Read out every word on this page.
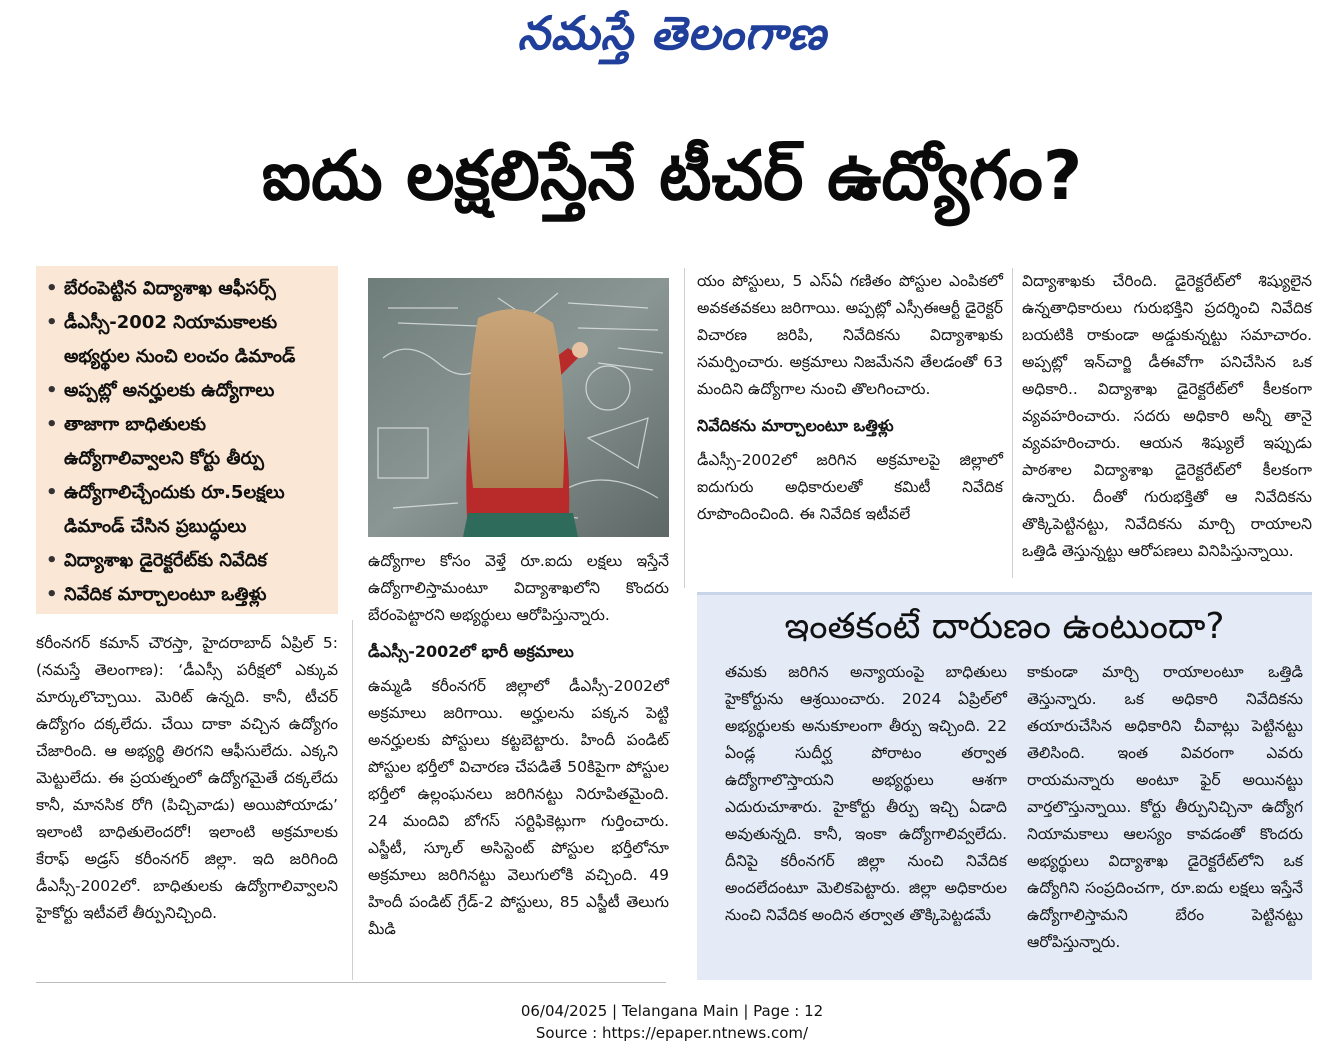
నమస్తే తెలంగాణ
ఐదు లక్షలిస్తేనే టీచర్ ఉద్యోగం?
• బేరంపెట్టిన విద్యాశాఖ ఆఫీసర్స్
• డీఎస్సీ-2002 నియామకాలకు అభ్యర్థుల నుంచి లంచం డిమాండ్
• అప్పట్లో అనర్హులకు ఉద్యోగాలు
• తాజాగా బాధితులకు ఉద్యోగాలివ్వాలని కోర్టు తీర్పు
• ఉద్యోగాలిచ్చేందుకు రూ.5లక్షలు డిమాండ్ చేసిన ప్రబుద్ధులు
• విద్యాశాఖ డైరెక్టరేట్‌కు నివేదిక
• నివేదిక మార్చాలంటూ ఒత్తిళ్లు

కరీంనగర్ కమాన్ చౌరస్తా, హైదరాబాద్ ఏప్రిల్ 5: (నమస్తే తెలంగాణ): ‘డీఎస్సీ పరీక్షలో ఎక్కువ మార్కులొచ్చాయి. మెరిట్ ఉన్నది. కానీ, టీచర్ ఉద్యోగం దక్కలేదు. చేయి దాకా వచ్చిన ఉద్యోగం చేజారింది. ఆ అభ్యర్థి తిరగని ఆఫీసులేదు. ఎక్కని మెట్టులేదు. ఈ ప్రయత్నంలో ఉద్యోగమైతే దక్కలేదు కానీ, మానసిక రోగి (పిచ్చివాడు) అయిపోయాడు’ ఇలాంటి బాధితులెందరో! ఇలాంటి అక్రమాలకు కేరాఫ్ అడ్రస్ కరీంనగర్ జిల్లా. ఇది జరిగింది డీఎస్సీ-2002లో. బాధితులకు ఉద్యోగాలివ్వాలని హైకోర్టు ఇటీవలే తీర్పునిచ్చింది.

ఉద్యోగాల కోసం వెళ్తే రూ.ఐదు లక్షలు ఇస్తేనే ఉద్యోగాలిస్తామంటూ విద్యాశాఖలోని కొందరు బేరంపెట్టారని అభ్యర్థులు ఆరోపిస్తున్నారు.

డీఎస్సీ-2002లో భారీ అక్రమాలు

ఉమ్మడి కరీంనగర్ జిల్లాలో డీఎస్సీ-2002లో అక్రమాలు జరిగాయి. అర్హులను పక్కన పెట్టి అనర్హులకు పోస్టులు కట్టబెట్టారు. హిందీ పండిట్ పోస్టుల భర్తీలో విచారణ చేపడితే 50కిపైగా పోస్టుల భర్తీలో ఉల్లంఘనలు జరిగినట్టు నిరూపితమైంది. 24 మందివి బోగస్ సర్టిఫికెట్లుగా గుర్తించారు. ఎస్జీటీ, స్కూల్ అసిస్టెంట్ పోస్టుల భర్తీలోనూ అక్రమాలు జరిగినట్టు వెలుగులోకి వచ్చింది. 49 హిందీ పండిట్ గ్రేడ్-2 పోస్టులు, 85 ఎస్జీటీ తెలుగు మీడి

యం పోస్టులు, 5 ఎస్ఏ గణితం పోస్టుల ఎంపికలో అవకతవకలు జరిగాయి. అప్పట్లో ఎస్సీఈఆర్టీ డైరెక్టర్ విచారణ జరిపి, నివేదికను విద్యాశాఖకు సమర్పించారు. అక్రమాలు నిజమేనని తేలడంతో 63 మందిని ఉద్యోగాల నుంచి తొలగించారు.

నివేదికను మార్చాలంటూ ఒత్తిళ్లు

డీఎస్సీ-2002లో జరిగిన అక్రమాలపై జిల్లాలో ఐదుగురు అధికారులతో కమిటీ నివేదిక రూపొందించింది. ఈ నివేదిక ఇటీవలే

విద్యాశాఖకు చేరింది. డైరెక్టరేట్‌లో శిష్యులైన ఉన్నతాధికారులు గురుభక్తిని ప్రదర్శించి నివేదిక బయటికి రాకుండా అడ్డుకున్నట్టు సమాచారం. అప్పట్లో ఇన్‌చార్జి డీఈవోగా పనిచేసిన ఒక అధికారి.. విద్యాశాఖ డైరెక్టరేట్‌లో కీలకంగా వ్యవహరించారు. సదరు అధికారి అన్నీ తానై వ్యవహరించారు. ఆయన శిష్యులే ఇప్పుడు పాఠశాల విద్యాశాఖ డైరెక్టరేట్‌లో కీలకంగా ఉన్నారు. దీంతో గురుభక్తితో ఆ నివేదికను తొక్కిపెట్టినట్టు, నివేదికను మార్చి రాయాలని ఒత్తిడి తెస్తున్నట్టు ఆరోపణలు వినిపిస్తున్నాయి.

ఇంతకంటే దారుణం ఉంటుందా?

తమకు జరిగిన అన్యాయంపై బాధితులు హైకోర్టును ఆశ్రయించారు. 2024 ఏప్రిల్‌లో అభ్యర్థులకు అనుకూలంగా తీర్పు ఇచ్చింది. 22 ఏండ్ల సుదీర్ఘ పోరాటం తర్వాత ఉద్యోగాలొస్తాయని అభ్యర్థులు ఆశగా ఎదురుచూశారు. హైకోర్టు తీర్పు ఇచ్చి ఏడాది అవుతున్నది. కానీ, ఇంకా ఉద్యోగాలివ్వలేదు. దీనిపై కరీంనగర్ జిల్లా నుంచి నివేదిక అందలేదంటూ మెలికపెట్టారు. జిల్లా అధికారుల నుంచి నివేదిక అందిన తర్వాత తొక్కిపెట్టడమే

కాకుండా మార్చి రాయాలంటూ ఒత్తిడి తెస్తున్నారు. ఒక అధికారి నివేదికను తయారుచేసిన అధికారిని చీవాట్లు పెట్టినట్టు తెలిసింది. ఇంత వివరంగా ఎవరు రాయమన్నారు అంటూ ఫైర్ అయినట్టు వార్తలొస్తున్నాయి. కోర్టు తీర్పునిచ్చినా ఉద్యోగ నియామకాలు ఆలస్యం కావడంతో కొందరు అభ్యర్థులు విద్యాశాఖ డైరెక్టరేట్‌లోని ఒక ఉద్యోగిని సంప్రదించగా, రూ.ఐదు లక్షలు ఇస్తేనే ఉద్యోగాలిస్తామని బేరం పెట్టినట్టు ఆరోపిస్తున్నారు.

06/04/2025 | Telangana Main | Page : 12
Source : https://epaper.ntnews.com/
